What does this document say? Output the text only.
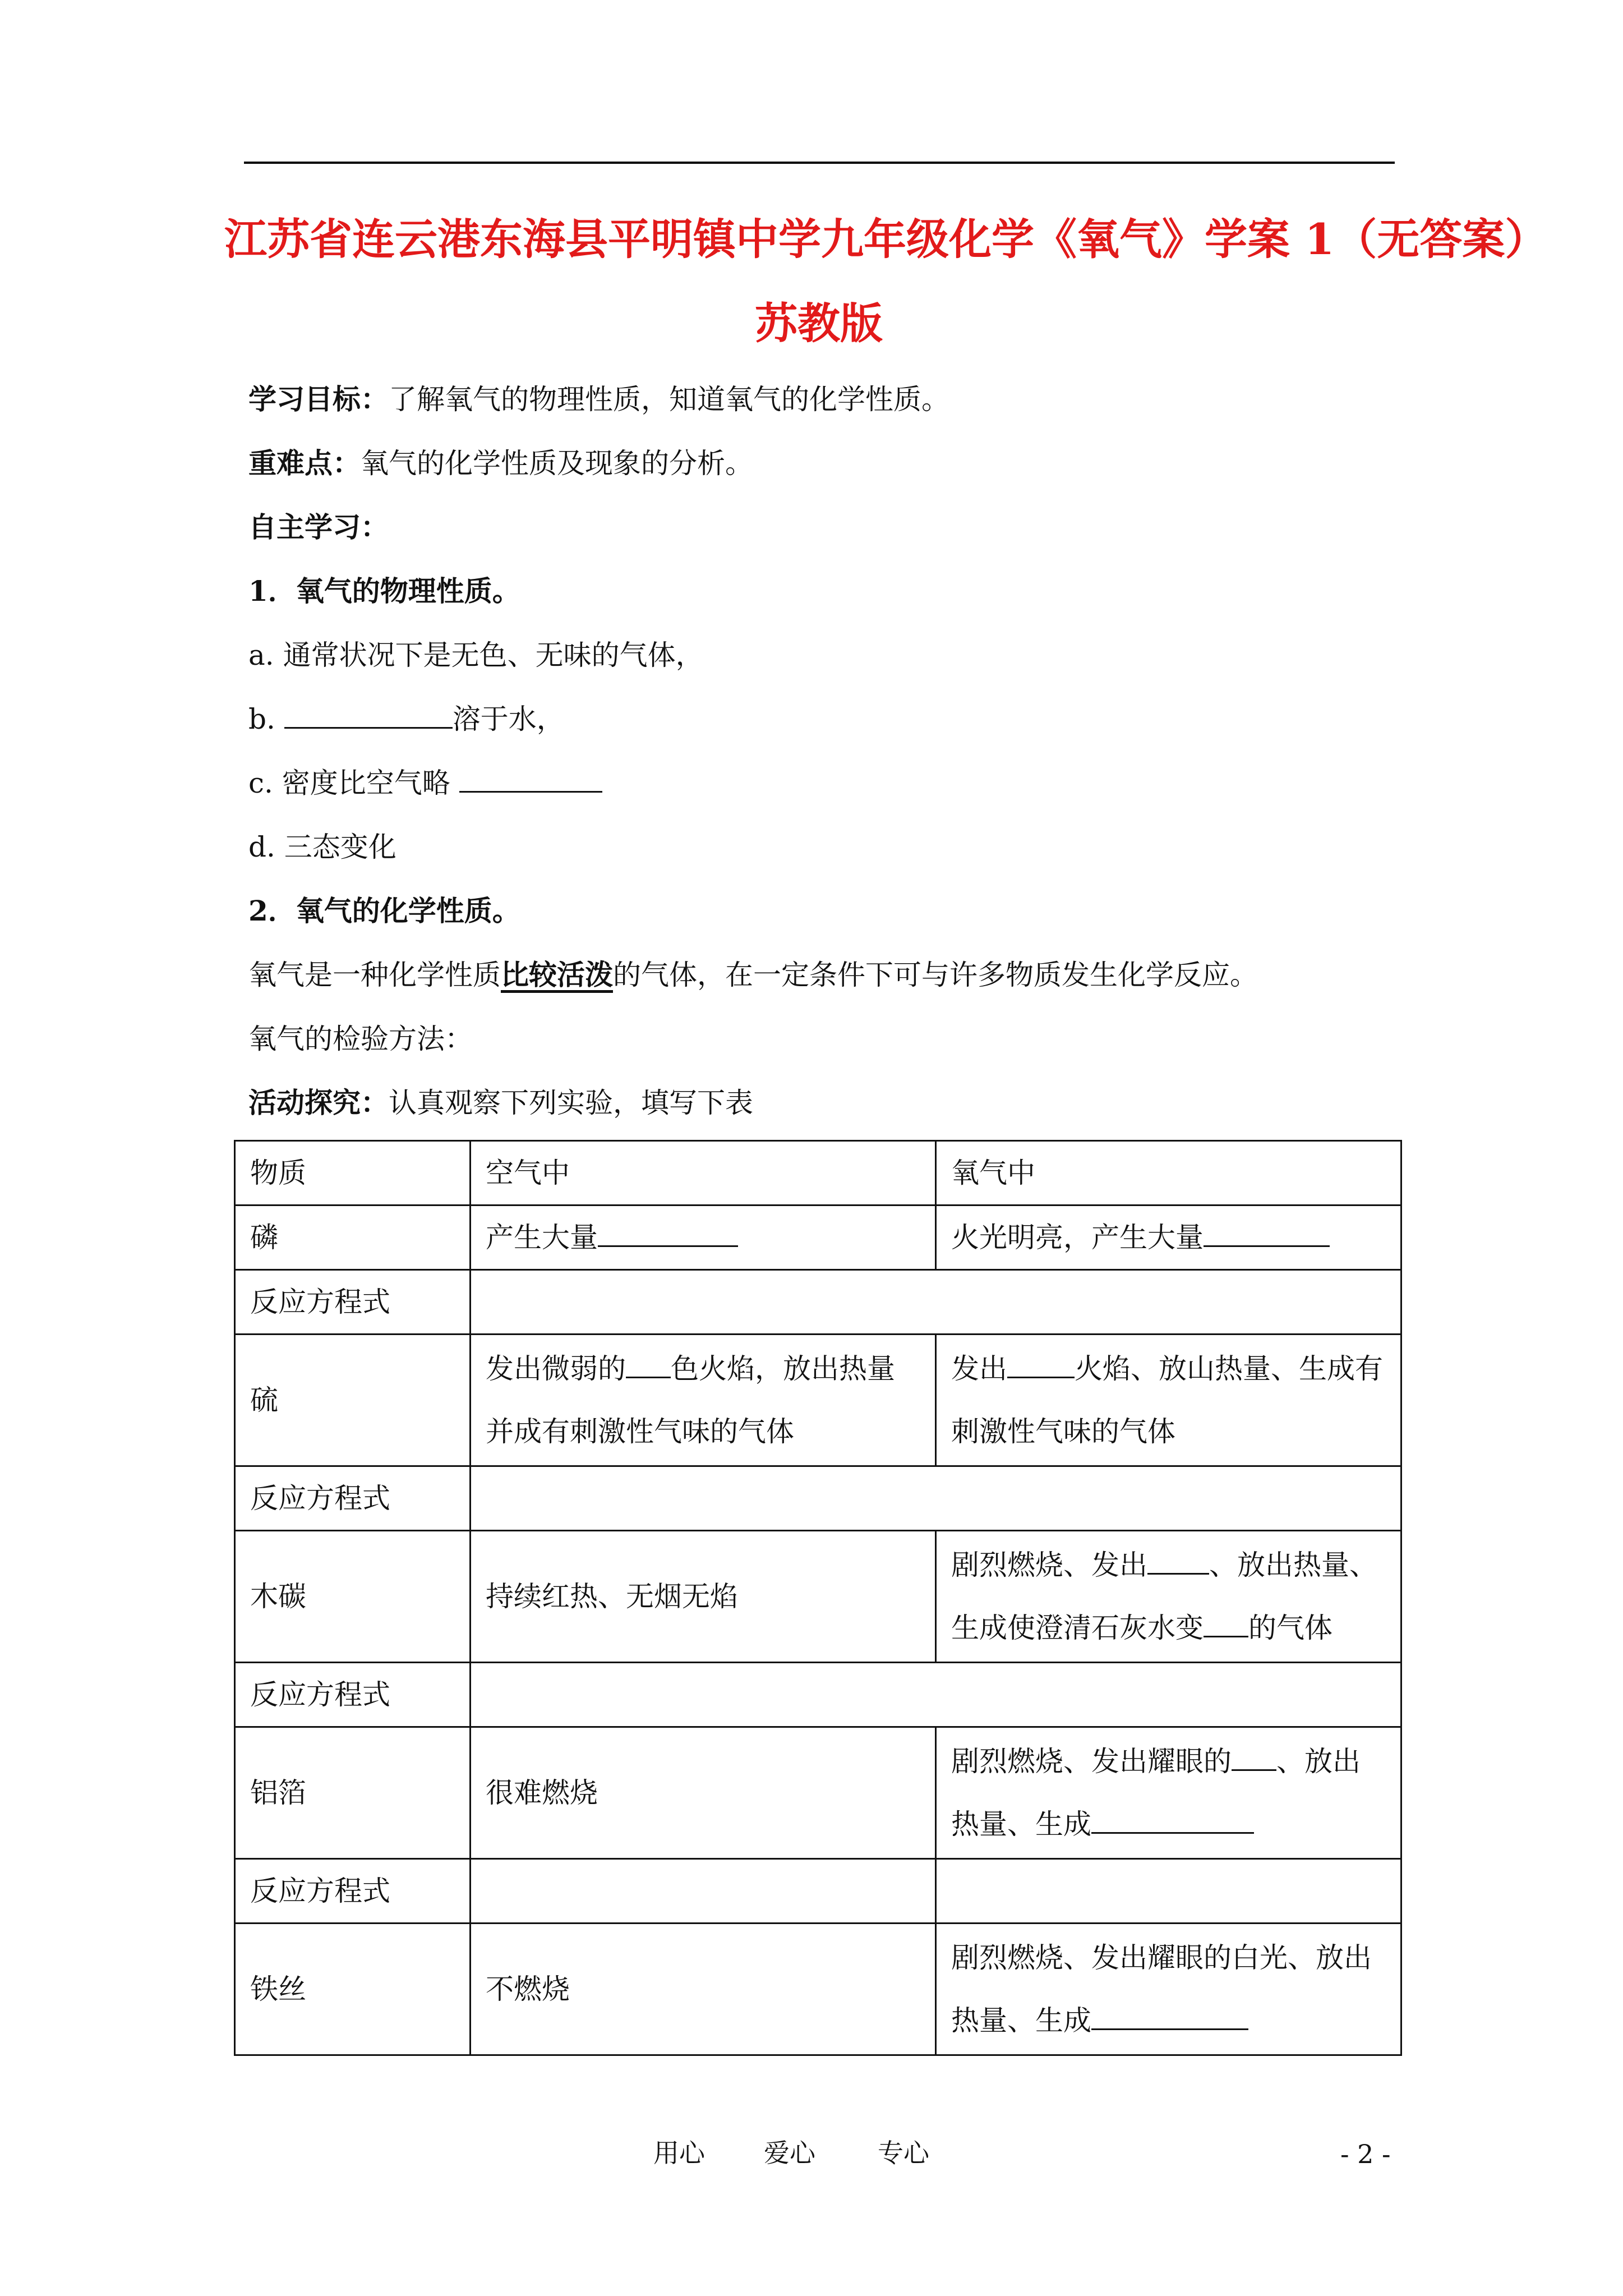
江苏省连云港东海县平明镇中学九年级化学《氧气》学案 1（无答案）
苏教版
学习目标：了解氧气的物理性质，知道氧气的化学性质。
重难点：氧气的化学性质及现象的分析。
自主学习：
1．氧气的物理性质。
a. 通常状况下是无色、无味的气体，
b.	溶于水，
c. 密度比空气略
d. 三态变化
2．氧气的化学性质。
氧气是一种化学性质比较活泼的气体，在一定条件下可与许多物质发生化学反应。
氧气的检验方法：
活动探究：认真观察下列实验，填写下表
物质	空气中	氧气中
磷	产生大量	火光明亮，产生大量
反应方程式		
硫	发出微弱的 色火焰，放出热量并成有刺激性气味的气体	发出 火焰、放山热量、生成有刺激性气味的气体
反应方程式		
木碳	持续红热、无烟无焰	剧烈燃烧、发出 、放出热量、生成使澄清石灰水变 的气体
反应方程式		
铝箔	很难燃烧	剧烈燃烧、发出耀眼的 、放出热量、生成
反应方程式		
铁丝	不燃烧	剧烈燃烧、发出耀眼的白光、放出热量、生成
用心 爱心 专心	- 2 -
